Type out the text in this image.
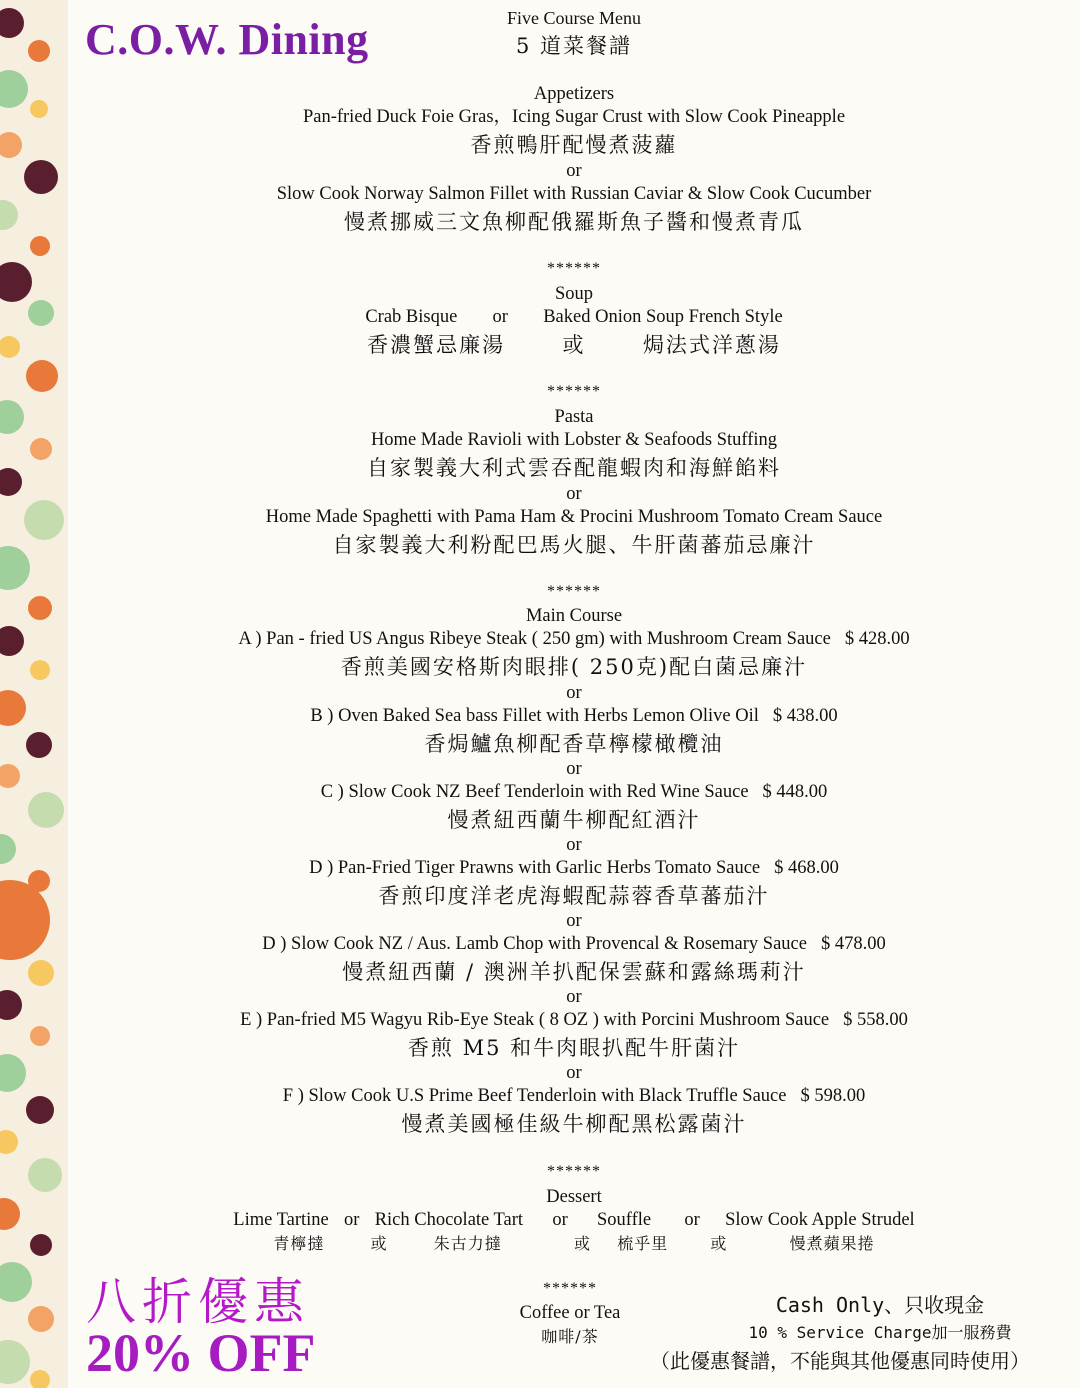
C.O.W. Dining	Five Course Menu
5 道菜餐譜
Appetizers
Pan-fried Duck Foie Gras，Icing Sugar Crust with Slow Cook Pineapple
香煎鴨肝配慢煮菠蘿
or
Slow Cook Norway Salmon Fillet with Russian Caviar & Slow Cook Cucumber
慢煮挪威三文魚柳配俄羅斯魚子醬和慢煮青瓜
******
Soup
Crab Bisque or Baked Onion Soup French Style
香濃蟹忌廉湯	或	焗法式洋蔥湯
******
Pasta
Home Made Ravioli with Lobster & Seafoods Stuffing
自家製義大利式雲吞配龍蝦肉和海鮮餡料
or
Home Made Spaghetti with Pama Ham & Procini Mushroom Tomato Cream Sauce
自家製義大利粉配巴馬火腿、牛肝菌蕃茄忌廉汁
******
Main Course
A ) Pan - fried US Angus Ribeye Steak ( 250 gm) with Mushroom Cream Sauce $ 428.00
香煎美國安格斯肉眼排( 250克)配白菌忌廉汁
or
B ) Oven Baked Sea bass Fillet with Herbs Lemon Olive Oil $ 438.00
香焗鱸魚柳配香草檸檬橄欖油
or
C ) Slow Cook NZ Beef Tenderloin with Red Wine Sauce $ 448.00
慢煮紐西蘭牛柳配紅酒汁
or
D ) Pan-Fried Tiger Prawns with Garlic Herbs Tomato Sauce $ 468.00
香煎印度洋老虎海蝦配蒜蓉香草蕃茄汁
or
D ) Slow Cook NZ / Aus. Lamb Chop with Provencal & Rosemary Sauce $ 478.00
慢煮紐西蘭 / 澳洲羊扒配保雲蘇和露絲瑪莉汁
or
E ) Pan-fried M5 Wagyu Rib-Eye Steak ( 8 OZ ) with Porcini Mushroom Sauce $ 558.00
香煎 M5 和牛肉眼扒配牛肝菌汁
or
F ) Slow Cook U.S Prime Beef Tenderloin with Black Truffle Sauce $ 598.00
慢煮美國極佳級牛柳配黑松露菌汁
******
Dessert
Lime Tartine or Rich Chocolate Tart or Souffle or Slow Cook Apple Strudel
青檸撻	或	朱古力撻	或 梳乎里	或	慢煮蘋果捲
******
Coffee or Tea
咖啡/茶
八折優惠
20% OFF
Cash Only、只收現金
10 % Service Charge加一服務費
（此優惠餐譜，不能與其他優惠同時使用）
